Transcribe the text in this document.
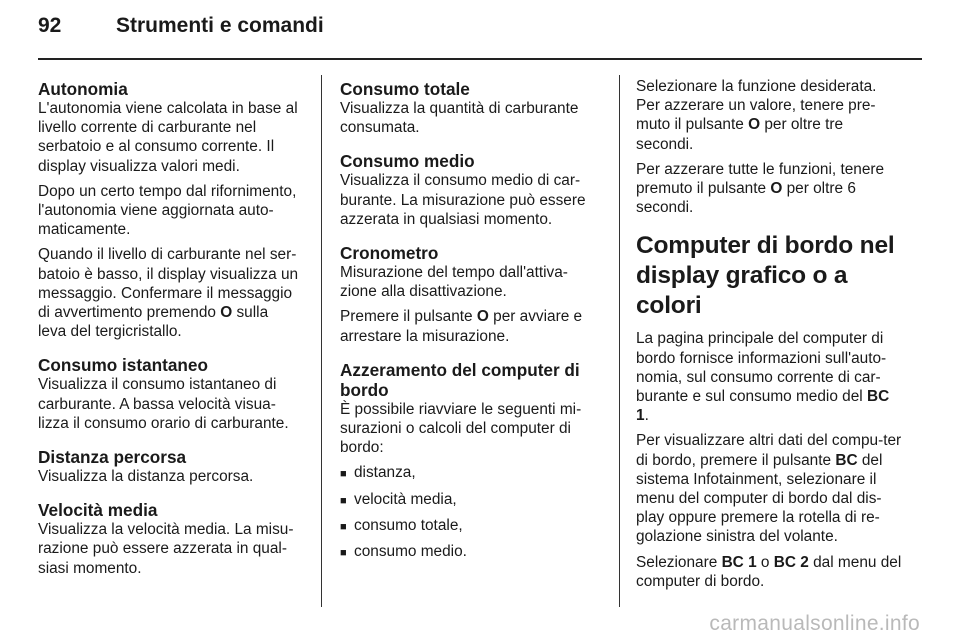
92	Strumenti e comandi
Autonomia

L'autonomia viene calcolata in base al livello corrente di carburante nel serbatoio e al consumo corrente. Il display visualizza valori medi.

Dopo un certo tempo dal rifornimento, l'autonomia viene aggiornata auto-maticamente.

Quando il livello di carburante nel ser-batoio è basso, il display visualizza un messaggio. Confermare il messaggio di avvertimento premendo O sulla leva del tergicristallo.

Consumo istantaneo

Visualizza il consumo istantaneo di carburante. A bassa velocità visua-lizza il consumo orario di carburante.

Distanza percorsa

Visualizza la distanza percorsa.

Velocità media

Visualizza la velocità media. La misu-razione può essere azzerata in qual-siasi momento.

Consumo totale

Visualizza la quantità di carburante consumata.

Consumo medio

Visualizza il consumo medio di car-burante. La misurazione può essere azzerata in qualsiasi momento.

Cronometro

Misurazione del tempo dall'attiva-zione alla disattivazione.

Premere il pulsante O per avviare e arrestare la misurazione.

Azzeramento del computer di bordo

È possibile riavviare le seguenti mi-surazioni o calcoli del computer di bordo:

■ distanza,
■ velocità media,
■ consumo totale,
■ consumo medio.

Selezionare la funzione desiderata. Per azzerare un valore, tenere pre-muto il pulsante O per oltre tre secondi.

Per azzerare tutte le funzioni, tenere premuto il pulsante O per oltre 6 secondi.

Computer di bordo nel display grafico o a colori

La pagina principale del computer di bordo fornisce informazioni sull'auto-nomia, sul consumo corrente di car-burante e sul consumo medio del BC 1.

Per visualizzare altri dati del compu-ter di bordo, premere il pulsante BC del sistema Infotainment, selezionare il menu del computer di bordo dal dis-play oppure premere la rotella di re-golazione sinistra del volante.

Selezionare BC 1 o BC 2 dal menu del computer di bordo.

carmanualsonline.info
